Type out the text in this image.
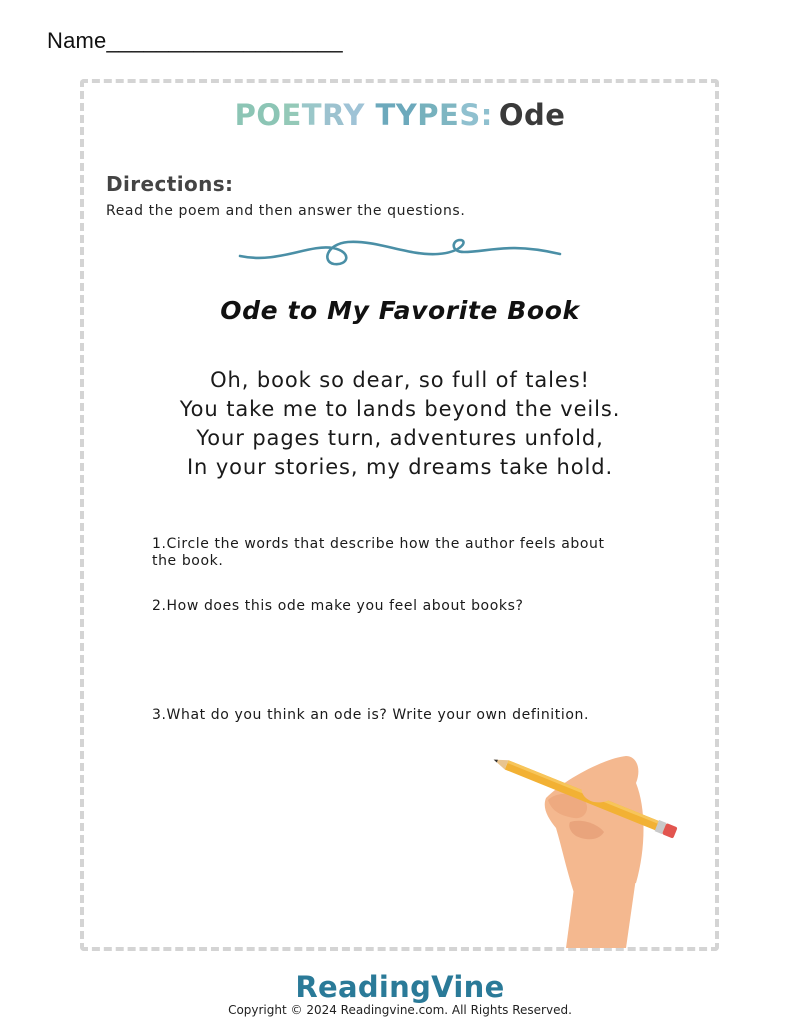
Name___________________
POETRY TYPES: Ode
Directions:
Read the poem and then answer the questions.
Ode to My Favorite Book
Oh, book so dear, so full of tales!
You take me to lands beyond the veils.
Your pages turn, adventures unfold,
In your stories, my dreams take hold.
1.Circle the words that describe how the author feels about the book.
2.How does this ode make you feel about books?
3.What do you think an ode is? Write your own definition.
ReadingVine
Copyright © 2024 Readingvine.com. All Rights Reserved.
